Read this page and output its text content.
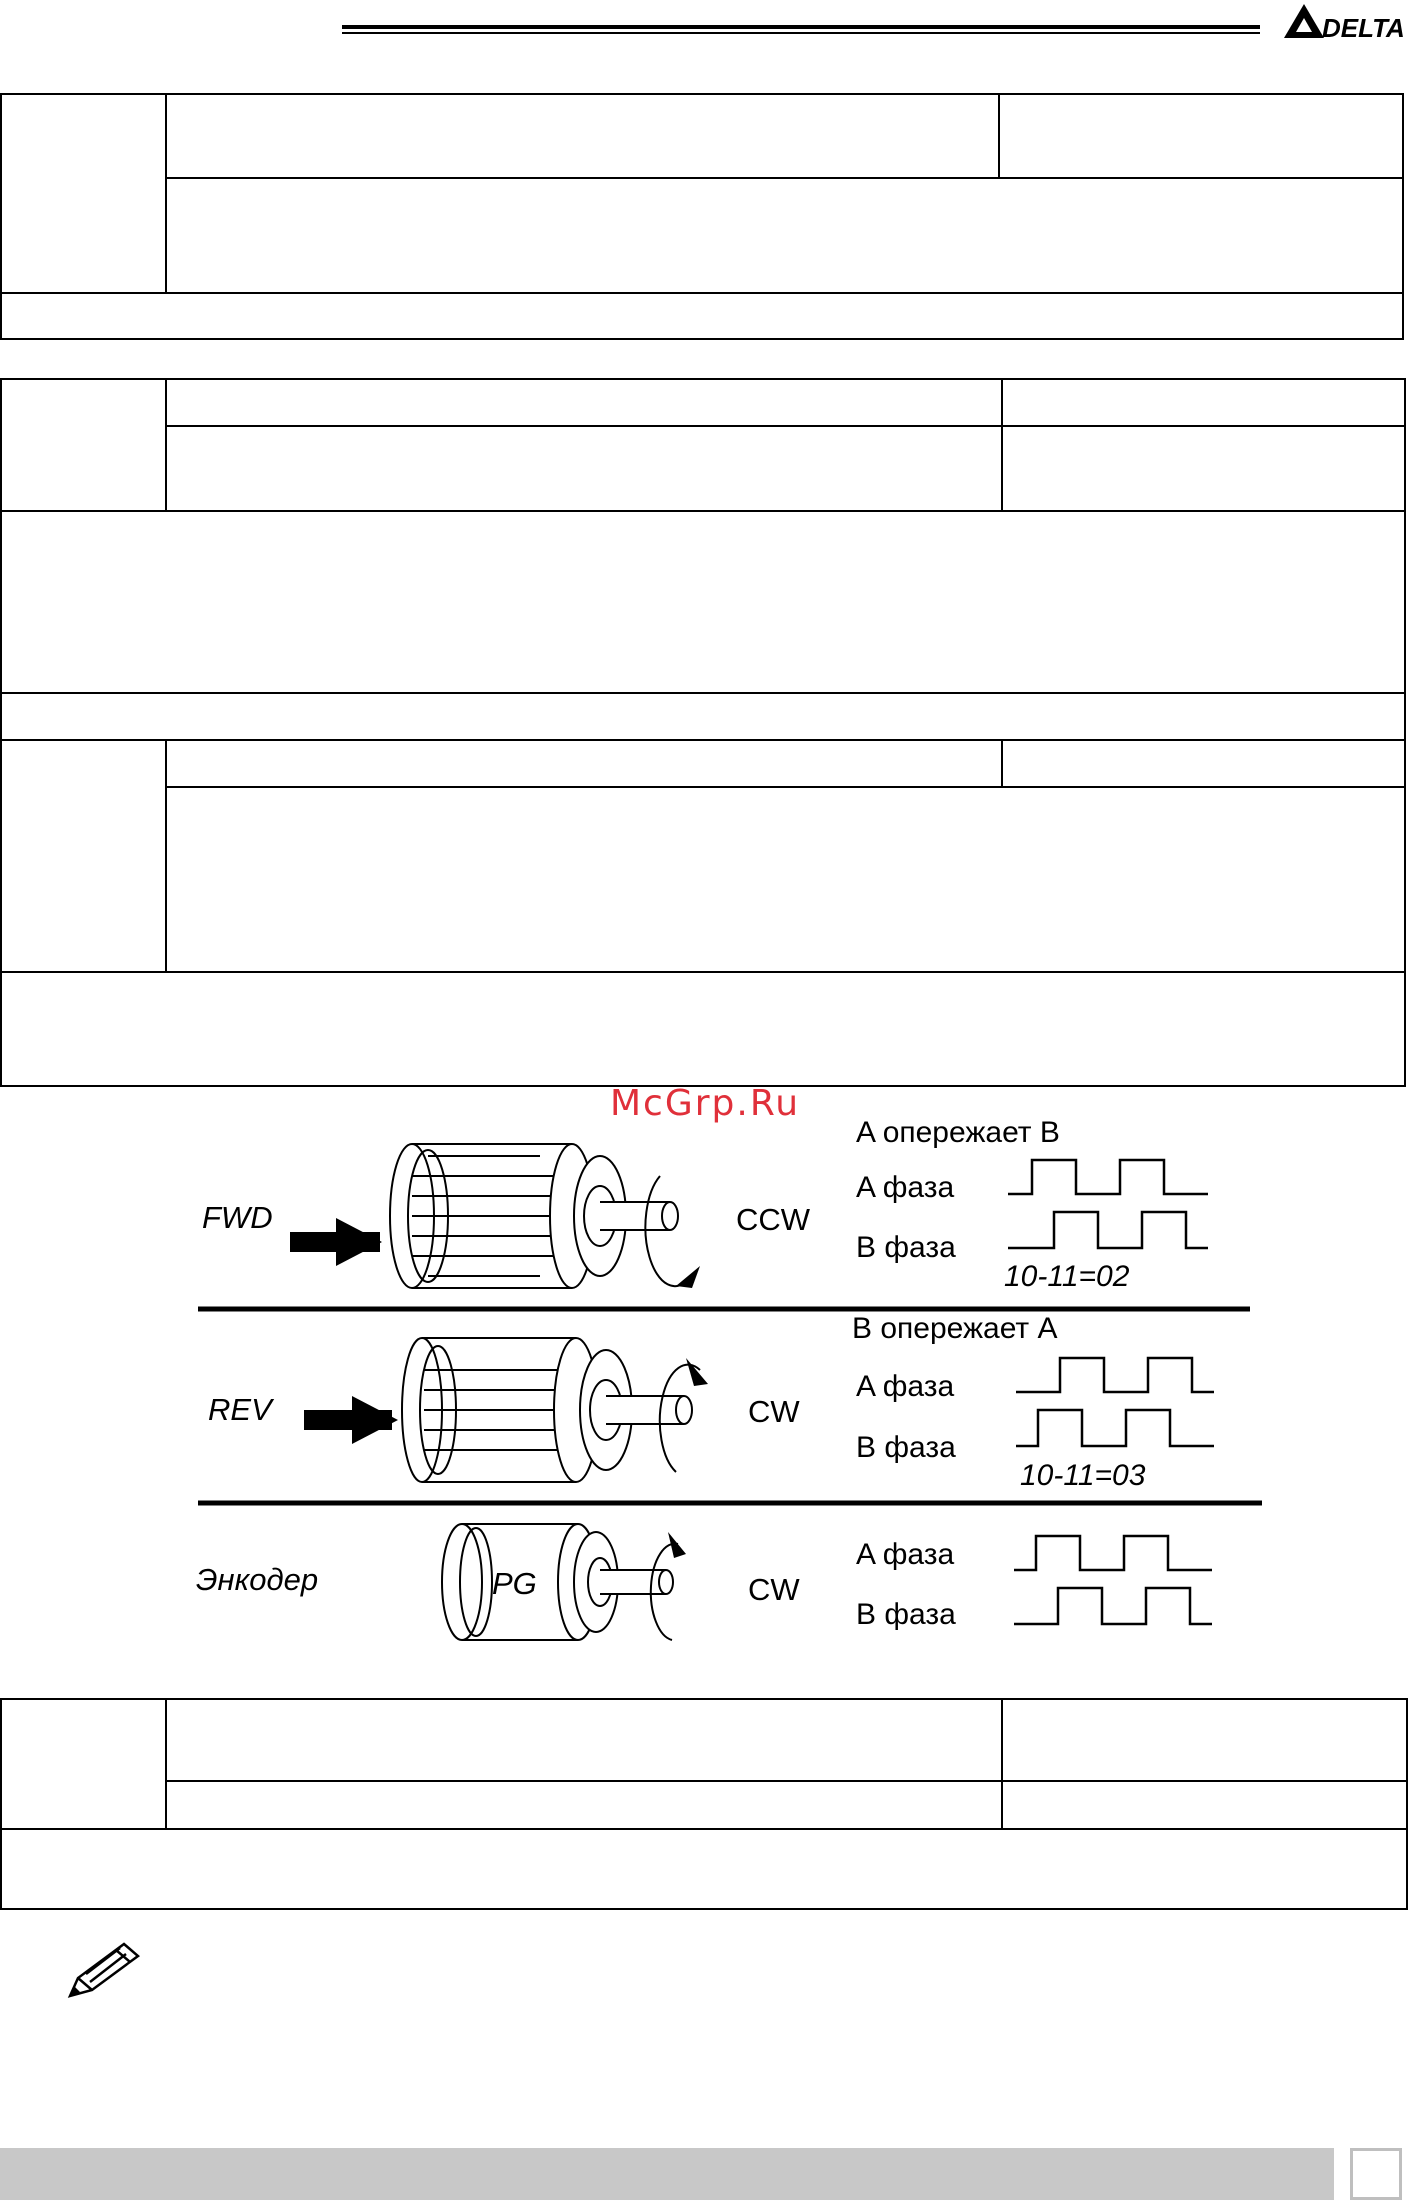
DELTA
McGrp.Ru
FWD	CCW
A опережает B
A фаза
B фаза
10-11=02
REV	CW
B опережает A
A фаза
B фаза
10-11=03
PG
Энкодер	CW
A фаза
B фаза
